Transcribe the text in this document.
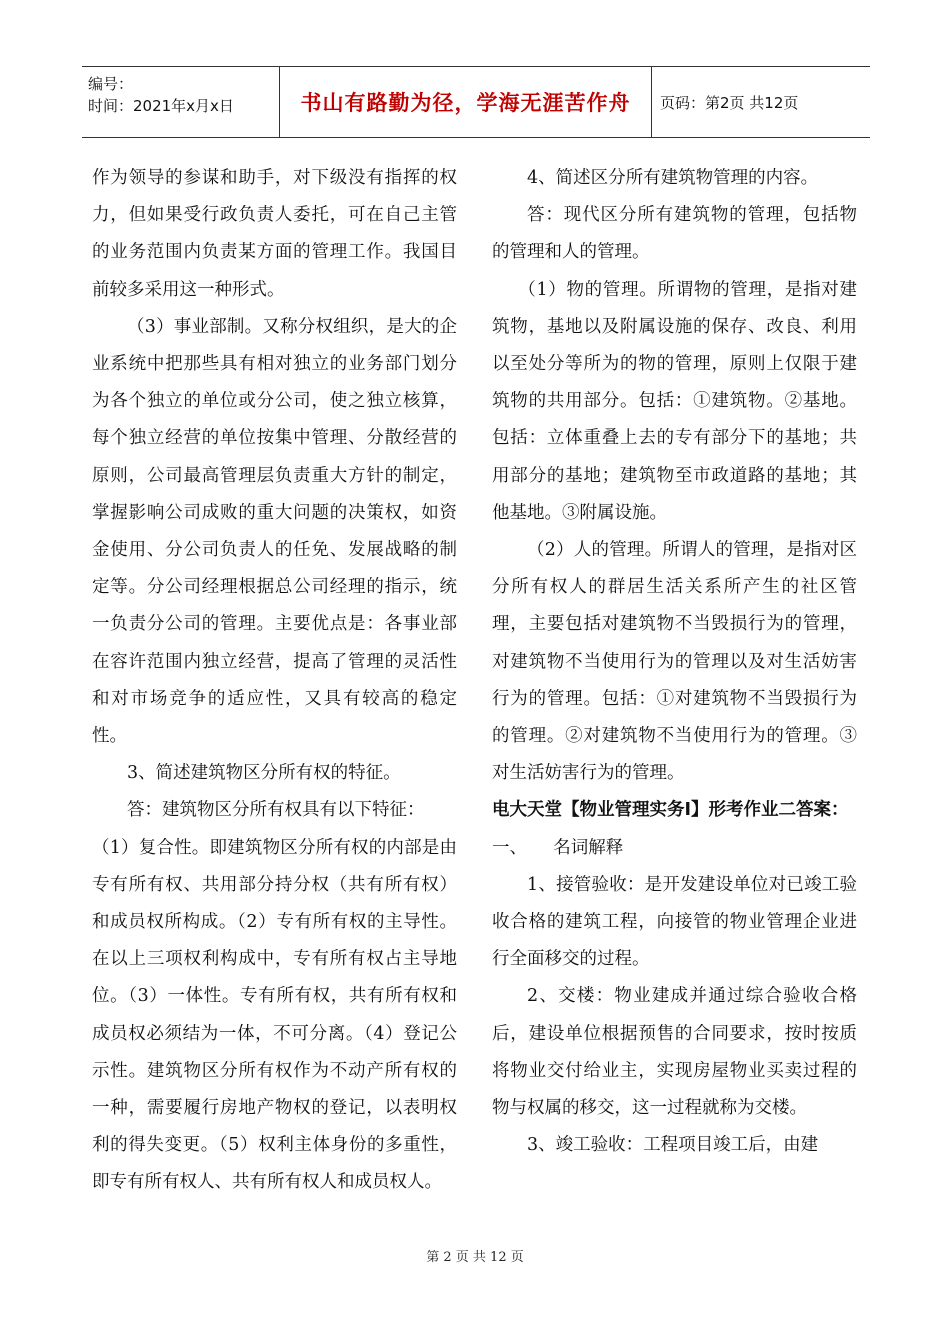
编号：
时间：2021年x月x日	书山有路勤为径，学海无涯苦作舟	页码：第2页 共12页

作为领导的参谋和助手，对下级没有指挥的权力，但如果受行政负责人委托，可在自己主管的业务范围内负责某方面的管理工作。我国目前较多采用这一种形式。

（3）事业部制。又称分权组织，是大的企业系统中把那些具有相对独立的业务部门划分为各个独立的单位或分公司，使之独立核算，每个独立经营的单位按集中管理、分散经营的原则，公司最高管理层负责重大方针的制定，掌握影响公司成败的重大问题的决策权，如资金使用、分公司负责人的任免、发展战略的制定等。分公司经理根据总公司经理的指示，统一负责分公司的管理。主要优点是：各事业部在容许范围内独立经营，提高了管理的灵活性和对市场竞争的适应性，又具有较高的稳定性。

3、简述建筑物区分所有权的特征。

答：建筑物区分所有权具有以下特征：

（1）复合性。即建筑物区分所有权的内部是由专有所有权、共用部分持分权（共有所有权）和成员权所构成。（2）专有所有权的主导性。在以上三项权利构成中，专有所有权占主导地位。（3）一体性。专有所有权，共有所有权和成员权必须结为一体，不可分离。（4）登记公示性。建筑物区分所有权作为不动产所有权的一种，需要履行房地产物权的登记，以表明权利的得失变更。（5）权利主体身份的多重性，即专有所有权人、共有所有权人和成员权人。

4、简述区分所有建筑物管理的内容。

答：现代区分所有建筑物的管理，包括物的管理和人的管理。

（1）物的管理。所谓物的管理，是指对建筑物，基地以及附属设施的保存、改良、利用以至处分等所为的物的管理，原则上仅限于建筑物的共用部分。包括：①建筑物。②基地。包括：立体重叠上去的专有部分下的基地；共用部分的基地；建筑物至市政道路的基地；其他基地。③附属设施。

（2）人的管理。所谓人的管理，是指对区分所有权人的群居生活关系所产生的社区管理，主要包括对建筑物不当毁损行为的管理，对建筑物不当使用行为的管理以及对生活妨害行为的管理。包括：①对建筑物不当毁损行为的管理。②对建筑物不当使用行为的管理。③对生活妨害行为的管理。

电大天堂【物业管理实务Ⅰ】形考作业二答案：

一、　　名词解释

1、接管验收：是开发建设单位对已竣工验收合格的建筑工程，向接管的物业管理企业进行全面移交的过程。

2、交楼：物业建成并通过综合验收合格后，建设单位根据预售的合同要求，按时按质将物业交付给业主，实现房屋物业买卖过程的物与权属的移交，这一过程就称为交楼。

3、竣工验收：工程项目竣工后，由建

第 2 页 共 12 页
